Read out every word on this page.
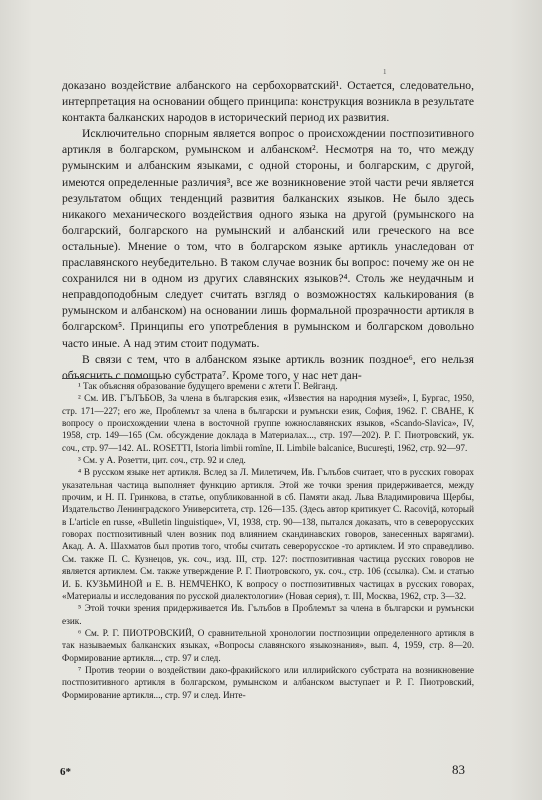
1

доказано воздействие албанского на сербохорватский¹. Остается, следовательно, интерпретация на основании общего принципа: конструкция возникла в результате контакта балканских народов в исторический период их развития.

Исключительно спорным является вопрос о происхождении постпозитивного артикля в болгарском, румынском и албанском². Несмотря на то, что между румынским и албанским языками, с одной стороны, и болгарским, с другой, имеются определенные различия³, все же возникновение этой части речи является результатом общих тенденций развития балканских языков. Не было здесь никакого механического воздействия одного языка на другой (румынского на болгарский, болгарского на румынский и албанский или греческого на все остальные). Мнение о том, что в болгарском языке артикль унаследован от праславянского неубедительно. В таком случае возник бы вопрос: почему же он не сохранился ни в одном из других славянских языков?⁴. Столь же неудачным и неправдоподобным следует считать взгляд о возможностях калькирования (в румынском и албанском) на основании лишь формальной прозрачности артикля в болгарском⁵. Принципы его употребления в румынском и болгарском довольно часто иные. А над этим стоит подумать.

В связи с тем, что в албанском языке артикль возник поздное⁶, его нельзя объяснить с помощью субстрата⁷. Кроме того, у нас нет дан-

¹ Так объясняя образование будущего времени с ѫтети Г. Вейганд.

² См. ИВ. ГЪЛЪБОВ, За члена в българския език, «Известия на народния музей», I, Бургас, 1950, стр. 171—227; его же, Проблемът за члена в български и румънски език, София, 1962. Г. СВАНЕ, К вопросу о происхождении члена в восточной группе южнославянских языков, «Scando-Slavica», IV, 1958, стр. 149—165 (См. обсуждение доклада в Материалах..., стр. 197—202). Р. Г. Пиотровский, ук. соч., стр. 97—142. AL. ROSETTI, Istoria limbii romîne, II. Limbile balcanice, Bucureşti, 1962, стр. 92—97.

³ См. у А. Розетти, цит. соч., стр. 92 и след.

⁴ В русском языке нет артикля. Вслед за Л. Милетичем, Ив. Гълъбов считает, что в русских говорах указательная частица выполняет функцию артикля. Этой же точки зрения придерживается, между прочим, и Н. П. Гринкова, в статье, опубликованной в сб. Памяти акад. Льва Владимировича Щербы, Издательство Ленинградского Университета, стр. 126—135. (Здесь автор критикует С. Racoviţă, который в L'article en russe, «Bulletin linguistique», VI, 1938, стр. 90—138, пытался доказать, что в северорусских говорах постпозитивный член возник под влиянием скандинавских говоров, занесенных варягами). Акад. А. А. Шахматов был против того, чтобы считать северорусское -то артиклем. И это справедливо. См. также П. С. Кузнецов, ук. соч., изд. III, стр. 127: постпозитивная частица русских говоров не является артиклем. См. также утверждение Р. Г. Пиотровского, ук. соч., стр. 106 (ссылка). См. и статью И. Б. КУЗЬМИНОЙ и Е. В. НЕМЧЕНКО, К вопросу о постпозитивных частицах в русских говорах, «Материалы и исследования по русской диалектологии» (Новая серия), т. III, Москва, 1962, стр. 3—32.

⁵ Этой точки зрения придерживается Ив. Гълъбов в Проблемът за члена в български и румънски език.

⁶ См. Р. Г. ПИОТРОВСКИЙ, О сравнительной хронологии постпозиции определенного артикля в так называемых балканских языках, «Вопросы славянского языкознания», вып. 4, 1959, стр. 8—20. Формирование артикля..., стр. 97 и след.

⁷ Против теории о воздействии дако-фракийского или иллирийского субстрата на возникновение постпозитивного артикля в болгарском, румынском и албанском выступает и Р. Г. Пиотровский, Формирование артикля..., стр. 97 и след. Инте-

6*	83
